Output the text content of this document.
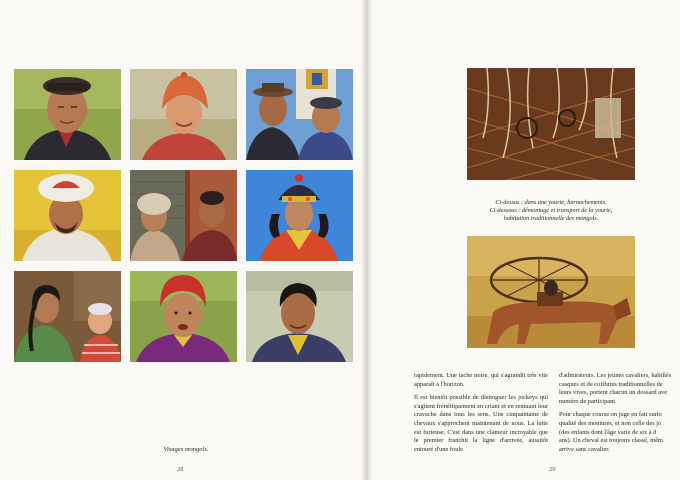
Visages mongols.
28
Ci-dessus : dans une yourte, harnachements.
Ci-dessous : démontage et transport de la yourte,
habitation traditionnelle des mongols.

rapidement. Une tache noire, qui s'agrandit très vite apparaît à l'horizon.

Il est bientôt possible de distinguer les jockeys qui s'agitent frénétiquement en criant et en remuant leur cravache dans tous les sens. Une cinquantaine de chevaux s'approchent maintenant de nous. La lutte est furieuse. C'est dans une clameur incroyable que le premier franchit la ligne d'arrivée, aussitôt entouré d'une foule

d'admirateurs. Les jeunes cavaliers, habillés
casques et de coiffures traditionnelles de
leurs vives, portent chacun un dossard ave
numéro de participant.
Pour chaque course on juge en fait surto
qualité des montures, et non celle des jo
(des enfants dont l'âge varie de six à d
ans). Un cheval est toujours classé, mêm
arrive sans cavalier.
29
